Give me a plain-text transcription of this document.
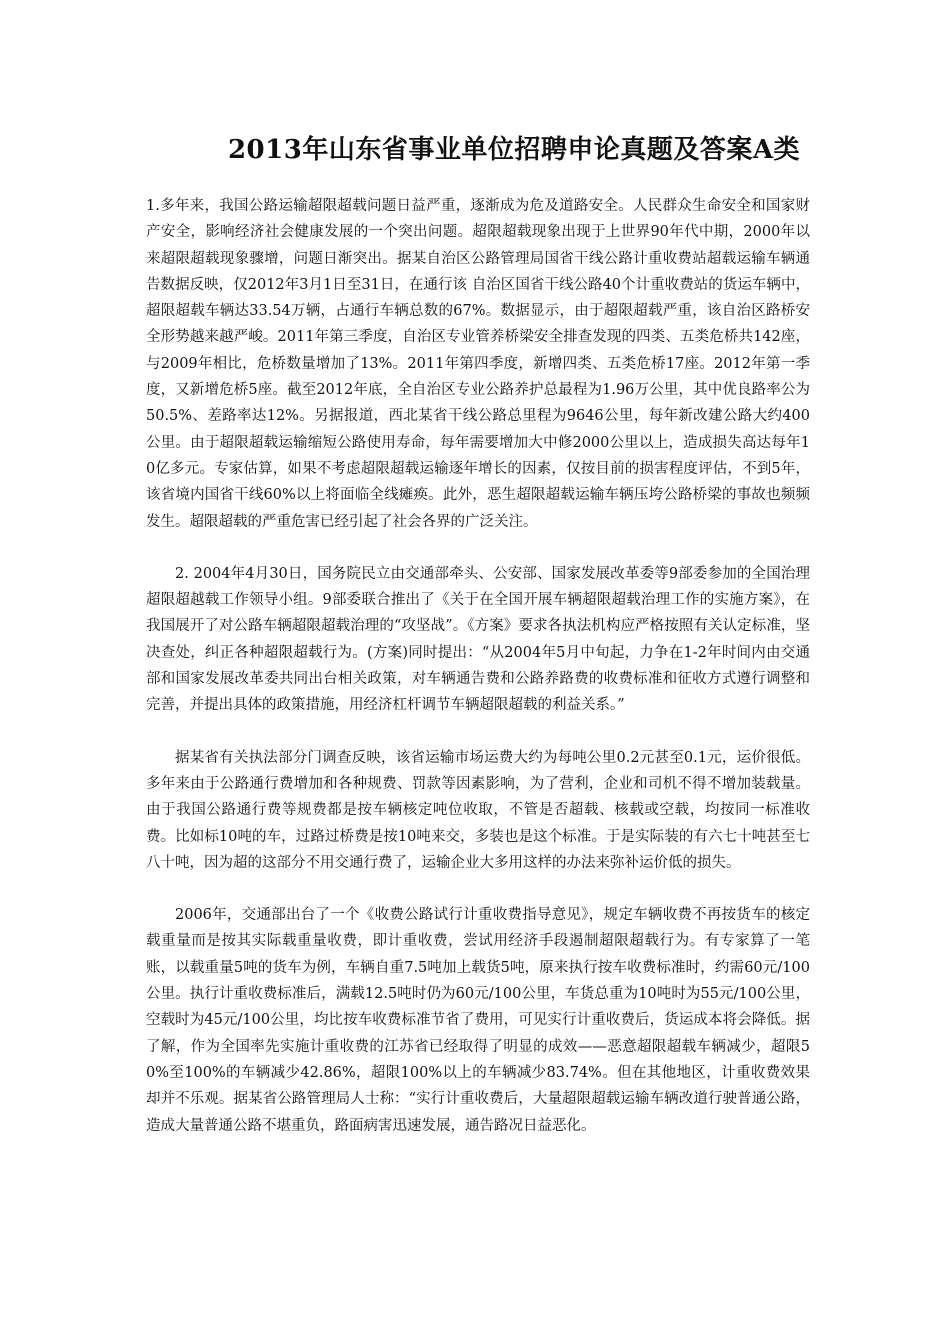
2013年山东省事业单位招聘申论真题及答案A类

1.多年来，我国公路运输超限超载问题日益严重，逐渐成为危及道路安全。人民群众生命安全和国家财产安全，影响经济社会健康发展的一个突出问题。超限超载现象出现于上世界90年代中期，2000年以来超限超载现象骤增，问题日渐突出。据某自治区公路管理局国省干线公路计重收费站超载运输车辆通告数据反映，仅2012年3月1日至31日，在通行该 自治区国省干线公路40个计重收费站的货运车辆中，超限超载车辆达33.54万辆，占通行车辆总数的67%。数据显示，由于超限超载严重，该自治区路桥安全形势越来越严峻。2011年第三季度，自治区专业管养桥梁安全排查发现的四类、五类危桥共142座，与2009年相比，危桥数量增加了13%。2011年第四季度，新增四类、五类危桥17座。2012年第一季度，又新增危桥5座。截至2012年底，全自治区专业公路养护总最程为1.96万公里，其中优良路率公为50.5%、差路率达12%。另据报道，西北某省干线公路总里程为9646公里，每年新改建公路大约400公里。由于超限超载运输缩短公路使用寿命，每年需要增加大中修2000公里以上，造成损失高达每年10亿多元。专家估算，如果不考虑超限超载运输逐年增长的因素，仅按目前的损害程度评估，不到5年，该省境内国省干线60%以上将面临全线瘫痪。此外，恶生超限超载运输车辆压垮公路桥梁的事故也频频发生。超限超载的严重危害已经引起了社会各界的广泛关注。

2. 2004年4月30日，国务院民立由交通部牵头、公安部、国家发展改革委等9部委参加的全国治理超限超越载工作领导小组。9部委联合推出了《关于在全国开展车辆超限超载治理工作的实施方案》，在我国展开了对公路车辆超限超载治理的“攻坚战”。《方案》要求各执法机构应严格按照有关认定标准，坚决查处，纠正各种超限超载行为。(方案)同时提出：“从2004年5月中旬起，力争在1-2年时间内由交通部和国家发展改革委共同出台相关政策，对车辆通告费和公路养路费的收费标准和征收方式遵行调整和完善，并提出具体的政策措施，用经济杠杆调节车辆超限超载的利益关系。”

据某省有关执法部分门调查反映，该省运输市场运费大约为每吨公里0.2元甚至0.1元，运价很低。多年来由于公路通行费增加和各种规费、罚款等因素影响，为了营利，企业和司机不得不增加装载量。由于我国公路通行费等规费都是按车辆核定吨位收取，不管是否超载、核载或空载，均按同一标准收费。比如标10吨的车，过路过桥费是按10吨来交，多装也是这个标准。于是实际装的有六七十吨甚至七八十吨，因为超的这部分不用交通行费了，运输企业大多用这样的办法来弥补运价低的损失。

2006年，交通部出台了一个《收费公路试行计重收费指导意见》，规定车辆收费不再按货车的核定载重量而是按其实际载重量收费，即计重收费，尝试用经济手段遏制超限超载行为。有专家算了一笔账，以载重量5吨的货车为例，车辆自重7.5吨加上载货5吨，原来执行按车收费标准时，约需60元/100公里。执行计重收费标准后，满载12.5吨时仍为60元/100公里，车货总重为10吨时为55元/100公里，空载时为45元/100公里，均比按车收费标准节省了费用，可见实行计重收费后，货运成本将会降低。据了解，作为全国率先实施计重收费的江苏省已经取得了明显的成效——恶意超限超载车辆减少，超限50%至100%的车辆减少42.86%，超限100%以上的车辆减少83.74%。但在其他地区，计重收费效果却并不乐观。据某省公路管理局人士称：“实行计重收费后，大量超限超载运输车辆改道行驶普通公路，造成大量普通公路不堪重负，路面病害迅速发展，通告路况日益恶化。
